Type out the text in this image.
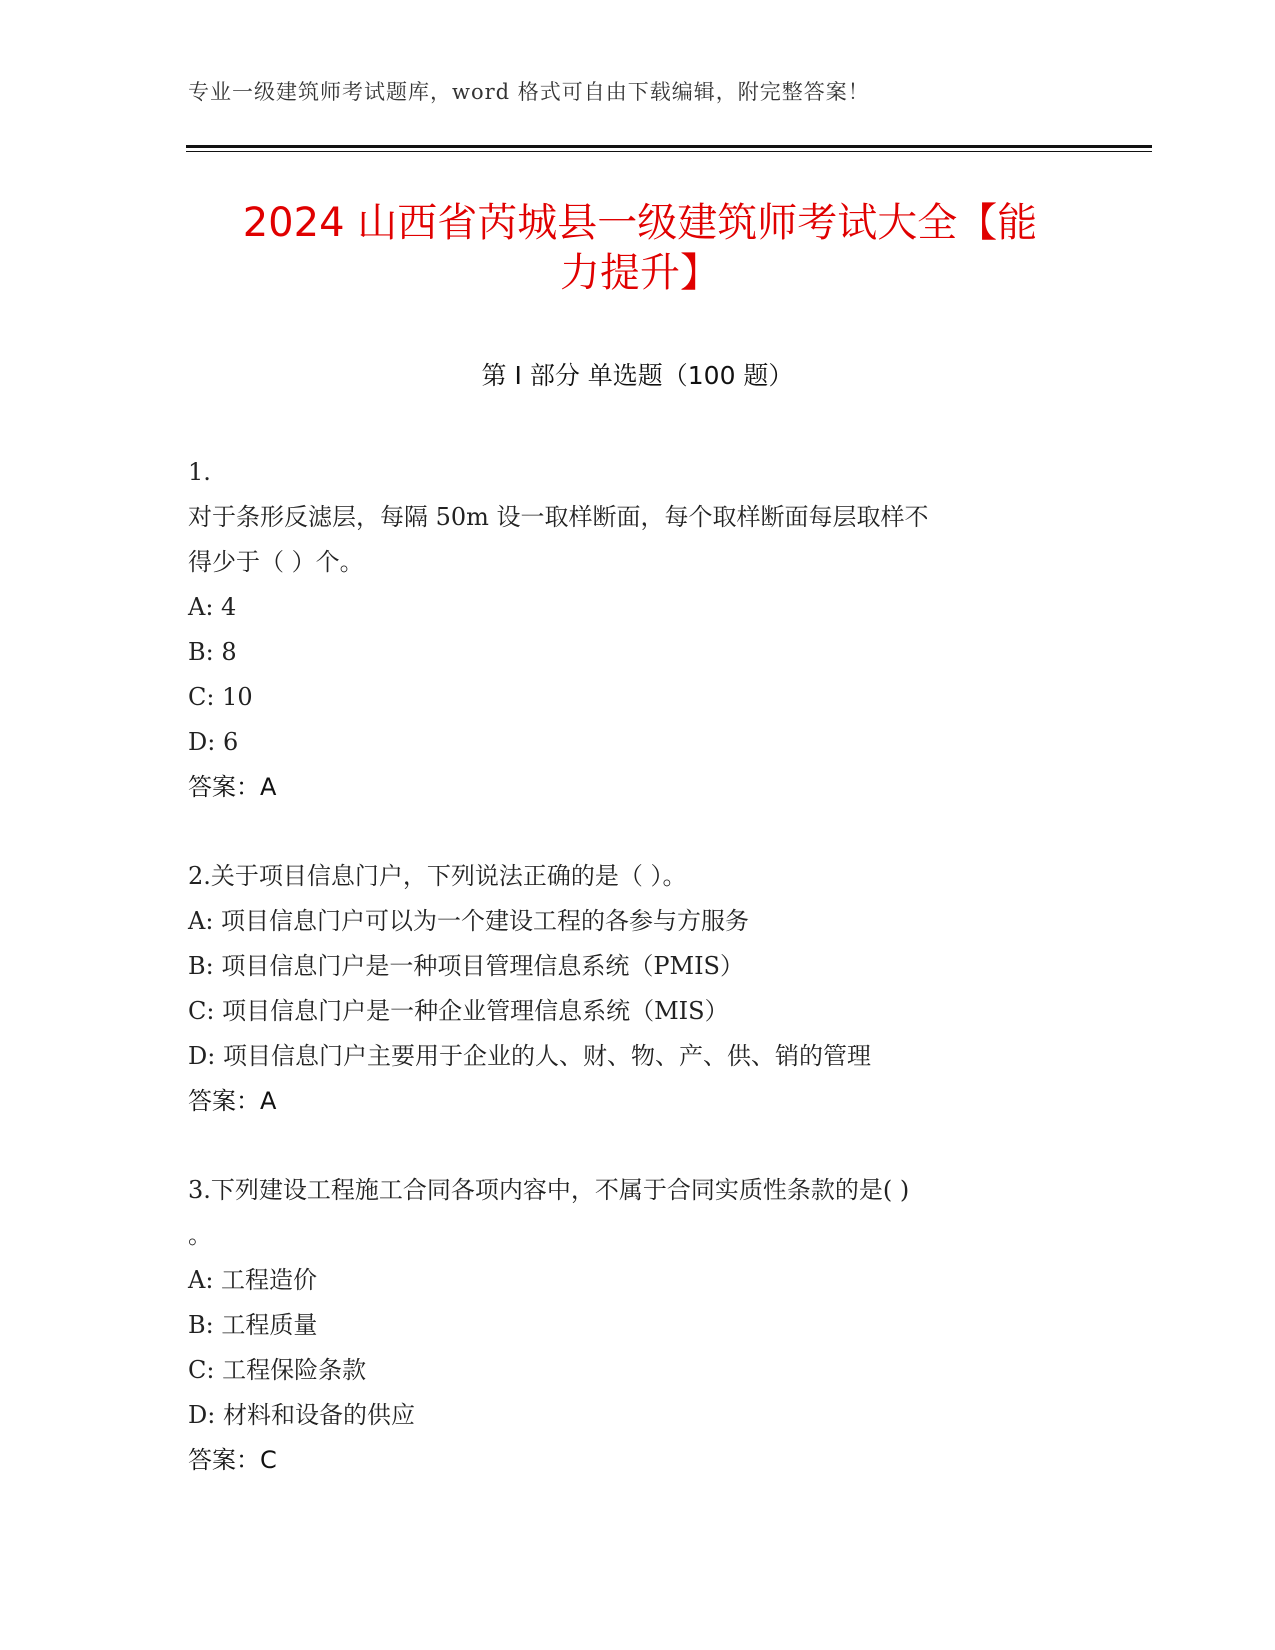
专业一级建筑师考试题库，word 格式可自由下载编辑，附完整答案！
2024 山西省芮城县一级建筑师考试大全【能
力提升】
第 I 部分 单选题（100 题）
1.
对于条形反滤层，每隔 50m 设一取样断面，每个取样断面每层取样不
得少于（ ）个。
A: 4
B: 8
C: 10
D: 6
答案：A
2.关于项目信息门户，下列说法正确的是（ ）。
A: 项目信息门户可以为一个建设工程的各参与方服务
B: 项目信息门户是一种项目管理信息系统（PMIS）
C: 项目信息门户是一种企业管理信息系统（MIS）
D: 项目信息门户主要用于企业的人、财、物、产、供、销的管理
答案：A
3.下列建设工程施工合同各项内容中，不属于合同实质性条款的是( )
。
A: 工程造价
B: 工程质量
C: 工程保险条款
D: 材料和设备的供应
答案：C
